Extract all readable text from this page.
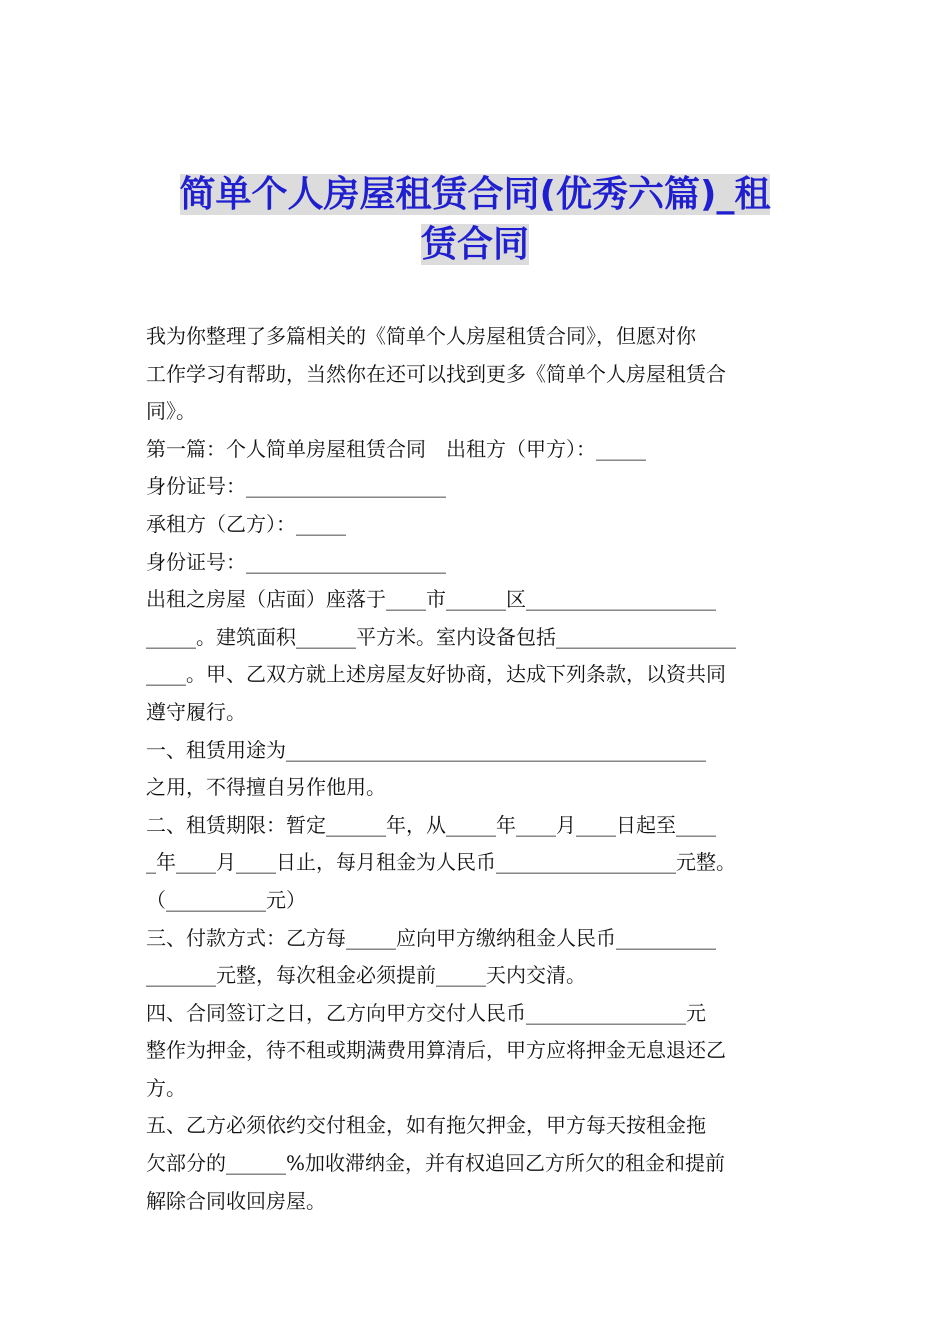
简单个人房屋租赁合同(优秀六篇)_租
赁合同
我为你整理了多篇相关的《简单个人房屋租赁合同》，但愿对你
工作学习有帮助，当然你在还可以找到更多《简单个人房屋租赁合
同》。
第一篇：个人简单房屋租赁合同　出租方（甲方）：_____
身份证号：____________________
承租方（乙方）：_____
身份证号：____________________
出租之房屋（店面）座落于____市______区___________________
_____。建筑面积______平方米。室内设备包括__________________
____。甲、乙双方就上述房屋友好协商，达成下列条款，以资共同
遵守履行。
一、租赁用途为__________________________________________
之用，不得擅自另作他用。
二、租赁期限：暂定______年，从_____年____月____日起至____
_年____月____日止，每月租金为人民币__________________元整。
（__________元）
三、付款方式：乙方每_____应向甲方缴纳租金人民币__________
_______元整，每次租金必须提前_____天内交清。
四、合同签订之日，乙方向甲方交付人民币________________元
整作为押金，待不租或期满费用算清后，甲方应将押金无息退还乙
方。
五、乙方必须依约交付租金，如有拖欠押金，甲方每天按租金拖
欠部分的______%加收滞纳金，并有权追回乙方所欠的租金和提前
解除合同收回房屋。
